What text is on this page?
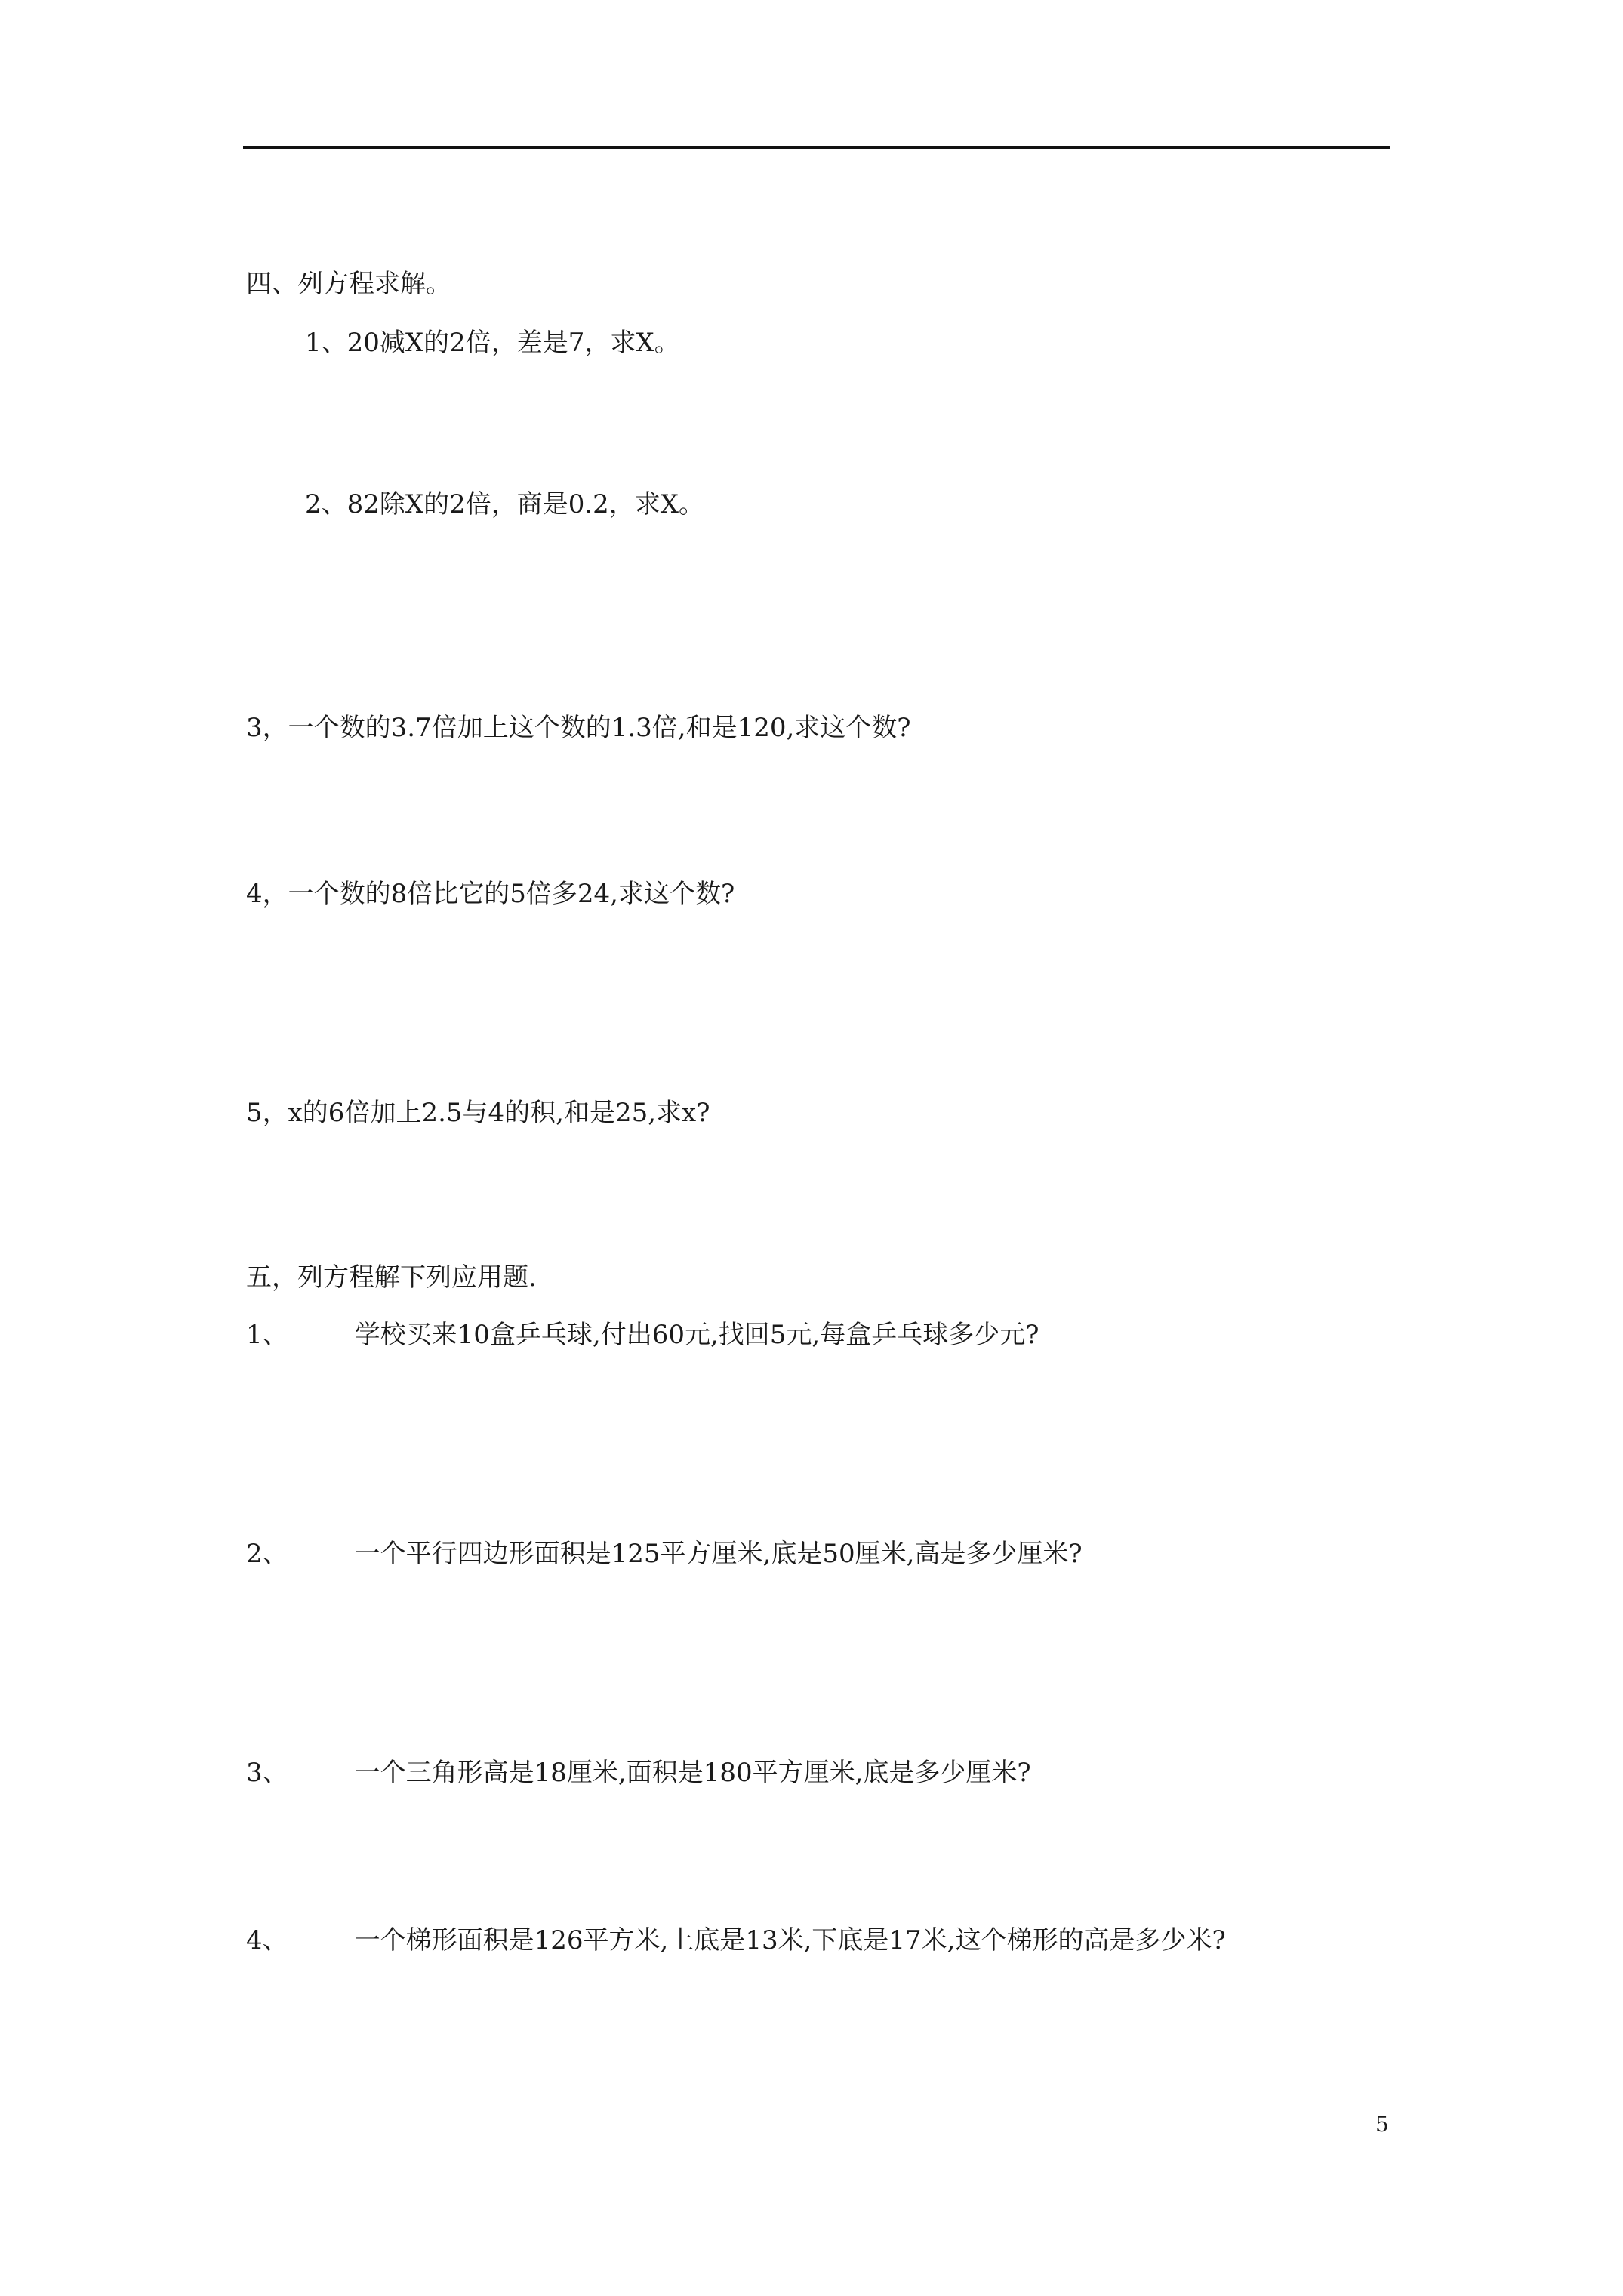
四、列方程求解。
1、20减X的2倍，差是7，求X。
2、82除X的2倍，商是0.2，求X。
3，一个数的3.7倍加上这个数的1.3倍,和是120,求这个数?
4，一个数的8倍比它的5倍多24,求这个数?
5，x的6倍加上2.5与4的积,和是25,求x?
五，列方程解下列应用题.
1、	学校买来10盒乒乓球,付出60元,找回5元,每盒乒乓球多少元?
2、	一个平行四边形面积是125平方厘米,底是50厘米,高是多少厘米?
3、	一个三角形高是18厘米,面积是180平方厘米,底是多少厘米?
4、	一个梯形面积是126平方米,上底是13米,下底是17米,这个梯形的高是多少米?
5
